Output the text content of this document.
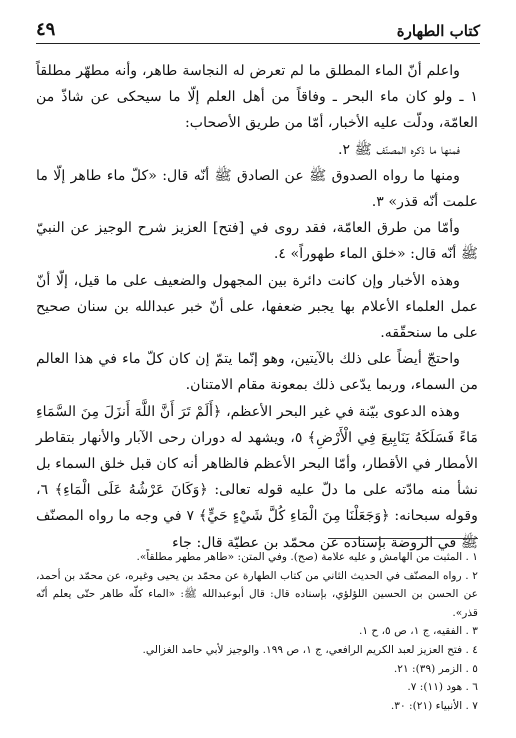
كتاب الطهارة
٤٩

واعلم أنّ الماء المطلق ما لم تعرض له النجاسة طاهر، وأنه مطهّر مطلقاً ١ ـ ولو كان ماء البحر ـ وفاقاً من أهل العلم إلّا ما سيحكى عن شاذّ من العامّة، ودلّت عليه الأخبار، أمّا من طريق الأصحاب:

فمنها ما ذكره المصنّف ﷺ ٢.

ومنها ما رواه الصدوق ﷺ عن الصادق ﷺ أنّه قال: «كلّ ماء طاهر إلّا ما علمت أنّه قذر» ٣.

وأمّا من طرق العامّة، فقد روى في [فتح] العزيز شرح الوجيز عن النبيّ ﷺ أنّه قال: «خلق الماء طهوراً» ٤.

وهذه الأخبار وإن كانت دائرة بين المجهول والضعيف على ما قيل، إلّا أنّ عمل العلماء الأعلام بها يجبر ضعفها، على أنّ خبر عبدالله بن سنان صحيح على ما سنحقّقه.

واحتجّ أيضاً على ذلك بالآيتين، وهو إنّما يتمّ إن كان كلّ ماء في هذا العالم من السماء، وربما يدّعى ذلك بمعونة مقام الامتنان.

وهذه الدعوى بيّنة في غير البحر الأعظم، ﴿أَلَمْ تَرَ أَنَّ اللَّهَ أَنزَلَ مِنَ السَّمَاءِ مَاءً فَسَلَكَهُ يَنَابِيعَ فِي الْأَرْضِ﴾ ٥، ويشهد له دوران رحى الآبار والأنهار بتقاطر الأمطار في الأقطار، وأمّا البحر الأعظم فالظاهر أنه كان قبل خلق السماء بل نشأ منه مادّته على ما دلّ عليه قوله تعالى: ﴿وَكَانَ عَرْشُهُ عَلَى الْمَاءِ﴾ ٦، وقوله سبحانه: ﴿وَجَعَلْنَا مِنَ الْمَاءِ كُلَّ شَيْءٍ حَيٍّ﴾ ٧ في وجه ما رواه المصنّف ﷺ في الروضة بإسناده عن محمّد بن عطيّة قال: جاء

١ . المثبت من الهامش و عليه علامة (صح). وفي المتن: «طاهر مطهر مطلقاً».

٢ . رواه المصنّف في الحديث الثاني من كتاب الطهارة عن محمّد بن يحيى وغيره، عن محمّد بن أحمد، عن الحسن بن الحسين اللؤلؤي، بإسناده قال: قال أبوعبدالله ﷺ: «الماء كلّه طاهر حتّى يعلم أنّه قذر».

٣ . الفقيه، ج ١، ص ٥، ح ١.

٤ . فتح العزيز لعبد الكريم الرافعي، ج ١، ص ١٩٩. والوجيز لأبي حامد الغزالي.

٥ . الزمر (٣٩): ٢١.

٦ . هود (١١): ٧.

٧ . الأنبياء (٢١): ٣٠.
